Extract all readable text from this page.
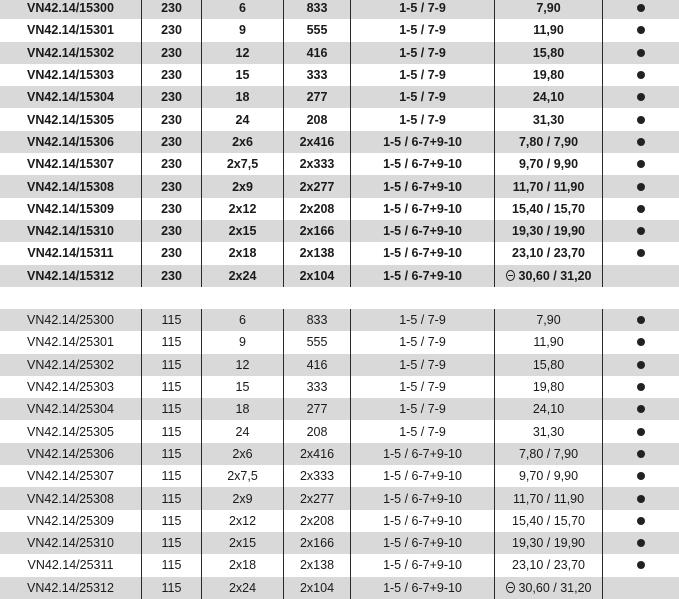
VN42.14/15300	230	6	833	1-5 / 7-9	7,90
VN42.14/15301	230	9	555	1-5 / 7-9	11,90
VN42.14/15302	230	12	416	1-5 / 7-9	15,80
VN42.14/15303	230	15	333	1-5 / 7-9	19,80
VN42.14/15304	230	18	277	1-5 / 7-9	24,10
VN42.14/15305	230	24	208	1-5 / 7-9	31,30
VN42.14/15306	230	2x6	2x416	1-5 / 6-7+9-10	7,80 / 7,90
VN42.14/15307	230	2x7,5	2x333	1-5 / 6-7+9-10	9,70 / 9,90
VN42.14/15308	230	2x9	2x277	1-5 / 6-7+9-10	11,70 / 11,90
VN42.14/15309	230	2x12	2x208	1-5 / 6-7+9-10	15,40 / 15,70
VN42.14/15310	230	2x15	2x166	1-5 / 6-7+9-10	19,30 / 19,90
VN42.14/15311	230	2x18	2x138	1-5 / 6-7+9-10	23,10 / 23,70
VN42.14/15312	230	2x24	2x104	1-5 / 6-7+9-10	30,60 / 31,20
VN42.14/25300	115	6	833	1-5 / 7-9	7,90
VN42.14/25301	115	9	555	1-5 / 7-9	11,90
VN42.14/25302	115	12	416	1-5 / 7-9	15,80
VN42.14/25303	115	15	333	1-5 / 7-9	19,80
VN42.14/25304	115	18	277	1-5 / 7-9	24,10
VN42.14/25305	115	24	208	1-5 / 7-9	31,30
VN42.14/25306	115	2x6	2x416	1-5 / 6-7+9-10	7,80 / 7,90
VN42.14/25307	115	2x7,5	2x333	1-5 / 6-7+9-10	9,70 / 9,90
VN42.14/25308	115	2x9	2x277	1-5 / 6-7+9-10	11,70 / 11,90
VN42.14/25309	115	2x12	2x208	1-5 / 6-7+9-10	15,40 / 15,70
VN42.14/25310	115	2x15	2x166	1-5 / 6-7+9-10	19,30 / 19,90
VN42.14/25311	115	2x18	2x138	1-5 / 6-7+9-10	23,10 / 23,70
VN42.14/25312	115	2x24	2x104	1-5 / 6-7+9-10	30,60 / 31,20
